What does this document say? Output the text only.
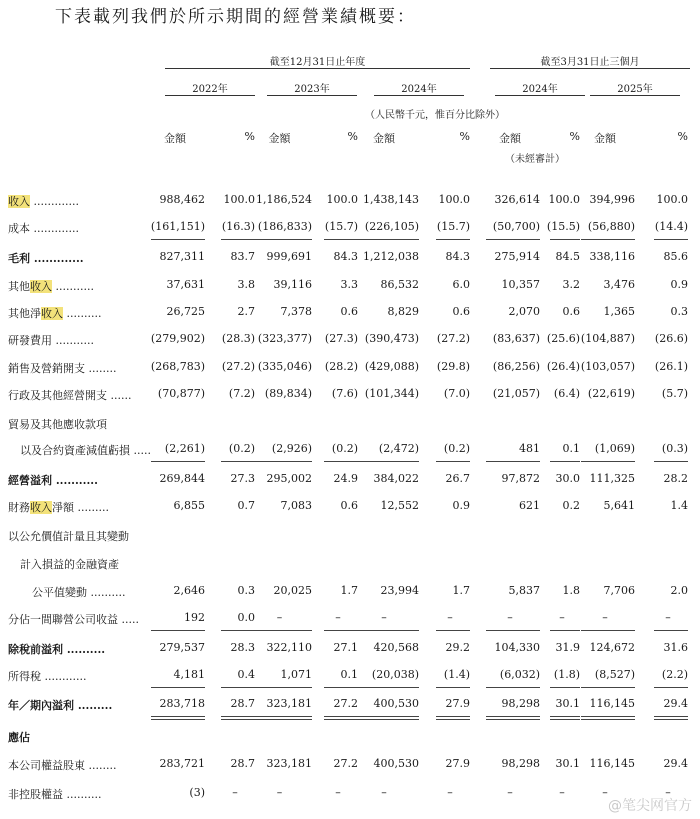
下表載列我們於所示期間的經營業績概要：
截至12月31日止年度	截至3月31日止三個月
2022年	2023年	2024年	2024年	2025年
（人民幣千元，惟百分比除外）
金額	%	金額	%	金額	%	金額	%	金額	%
（未經審計）
收入 .............	988,462	100.0 1,186,524	100.0 1,438,143	100.0	326,614 100.0 394,996	100.0
成本 .............	(161,151)	(16.3) (186,833)	(15.7) (226,105)	(15.7)	(50,700) (15.5) (56,880)	(14.4)
毛利 .............	827,311	83.7	999,691	84.3 1,212,038	84.3	275,914	84.5 338,116	85.6
其他收入 ...........	37,631	3.8	39,116	3.3	86,532	6.0	10,357	3.2	3,476	0.9
其他淨收入 ..........	26,725	2.7	7,378	0.6	8,829	0.6	2,070	0.6	1,365	0.3
研發費用 ...........	(279,902)	(28.3) (323,377)	(27.3) (390,473)	(27.2)	(83,637) (25.6) (104,887)	(26.6)
銷售及營銷開支 ........	(268,783)	(27.2) (335,046)	(28.2) (429,088)	(29.8)	(86,256) (26.4) (103,057)	(26.1)
行政及其他經營開支 ......	(70,877)	(7.2) (89,834)	(7.6) (101,344)	(7.0)	(21,057)	(6.4) (22,619)	(5.7)
貿易及其他應收款項
以及合約資產減值虧損 .....	(2,261)	(0.2)	(2,926)	(0.2)	(2,472)	(0.2)	481	0.1	(1,069)	(0.3)
經營溢利 ...........	269,844	27.3	295,002	24.9	384,022	26.7	97,872	30.0 111,325	28.2
財務收入淨額 .........	6,855	0.7	7,083	0.6	12,552	0.9	621	0.2	5,641	1.4
以公允價值計量且其變動
計入損益的金融資產
公平值變動 ..........	2,646	0.3	20,025	1.7	23,994	1.7	5,837	1.8	7,706	2.0
分佔一間聯營公司收益 .....	192	0.0	–	–	–	–	–	–	–	–
除稅前溢利 ..........	279,537	28.3	322,110	27.1	420,568	29.2	104,330	31.9 124,672	31.6
所得稅 ............	4,181	0.4	1,071	0.1	(20,038)	(1.4)	(6,032)	(1.8)	(8,527)	(2.2)
年／期內溢利 .........	283,718	28.7	323,181	27.2	400,530	27.9	98,298	30.1 116,145	29.4
應佔
本公司權益股東 ........	283,721	28.7	323,181	27.2	400,530	27.9	98,298	30.1 116,145	29.4
非控股權益 ..........	(3)	–	–	–	–	–	–	–	–	–
@笔尖网官方
